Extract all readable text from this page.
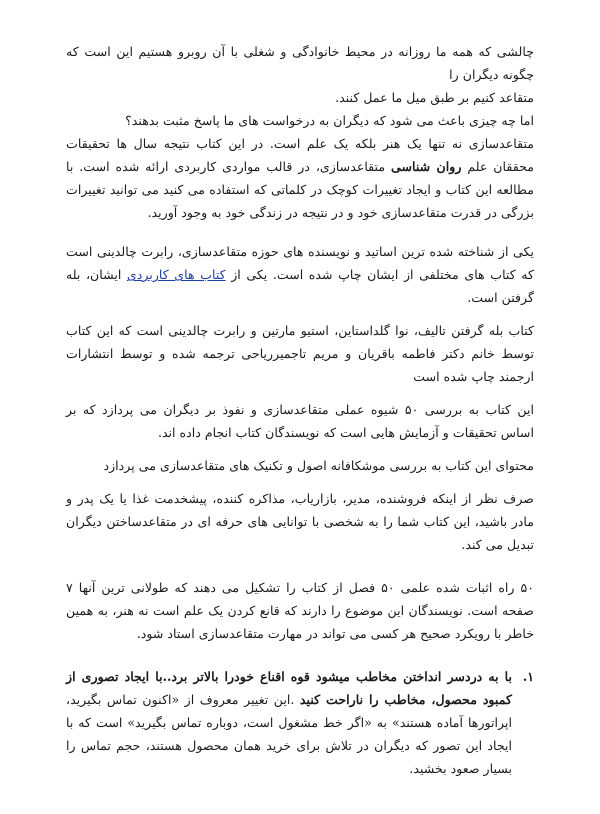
چالشی که همه ما روزانه در محیط خانوادگی و شغلی با آن روبرو هستیم این است که چگونه دیگران را
متقاعد کنیم بر طبق میل ما عمل کنند.
اما چه چیزی باعث می شود که دیگران به درخواست های ما پاسخ مثبت بدهند؟
متقاعدسازی نه تنها یک هنر بلکه یک علم است. در این کتاب نتیجه سال ها تحقیقات محققان علم روان شناسی متقاعدسازی، در قالب مواردی کاربردی ارائه شده است. با مطالعه این کتاب و ایجاد تغییرات کوچک در کلماتی که استفاده می کنید می توانید تغییرات بزرگی در قدرت متقاعدسازی خود و در نتیجه در زندگی خود به وجود آورید.
یکی از شناخته شده ترین اساتید و نویسنده های حوزه متقاعدسازی، رابرت چالدینی است که کتاب های مختلفی از ایشان چاپ شده است. یکی از کتاب های کاربردی ایشان، بله گرفتن است.
کتاب بله گرفتن تالیف، نوا گلداستاین، استیو مارتین و رابرت چالدینی است که این کتاب توسط خانم دکتر فاطمه باقریان و مریم تاجمیرریاحی ترجمه شده و توسط انتشارات ارجمند چاپ شده است
این کتاب به بررسی ۵۰ شیوه عملی متقاعدسازی و نفوذ بر دیگران می پردازد که بر اساس تحقیقات و آزمایش هایی است که نویسندگان کتاب انجام داده اند.
محتوای این کتاب به بررسی موشکافانه اصول و تکنیک های متقاعدسازی می پردازد
صرف نظر از اینکه فروشنده، مدیر، بازاریاب، مذاکره کننده، پیشخدمت غذا یا یک پدر و مادر باشید، این کتاب شما را به شخصی با توانایی های حرفه ای در متقاعدساختن دیگران تبدیل می کند.
۵۰ راه اثبات شده علمی ۵۰ فصل از کتاب را تشکیل می دهند که طولانی ترین آنها ۷ صفحه است. نویسندگان این موضوع را دارند که قانع کردن یک علم است نه هنر، به همین خاطر با رویکرد صحیح هر کسی می تواند در مهارت متقاعدسازی استاد شود.
۱.
با به دردسر انداختن مخاطب میشود قوه اقناع خودرا بالاتر برد..با ایجاد تصوری از کمبود محصول، مخاطب را ناراحت کنید .این تغییر معروف از «اکنون تماس بگیرید، اپراتورها آماده هستند» به «اگر خط مشغول است، دوباره تماس بگیرید» است که با ایجاد این تصور که دیگران در تلاش برای خرید همان محصول هستند، حجم تماس را بسیار صعود بخشید.
